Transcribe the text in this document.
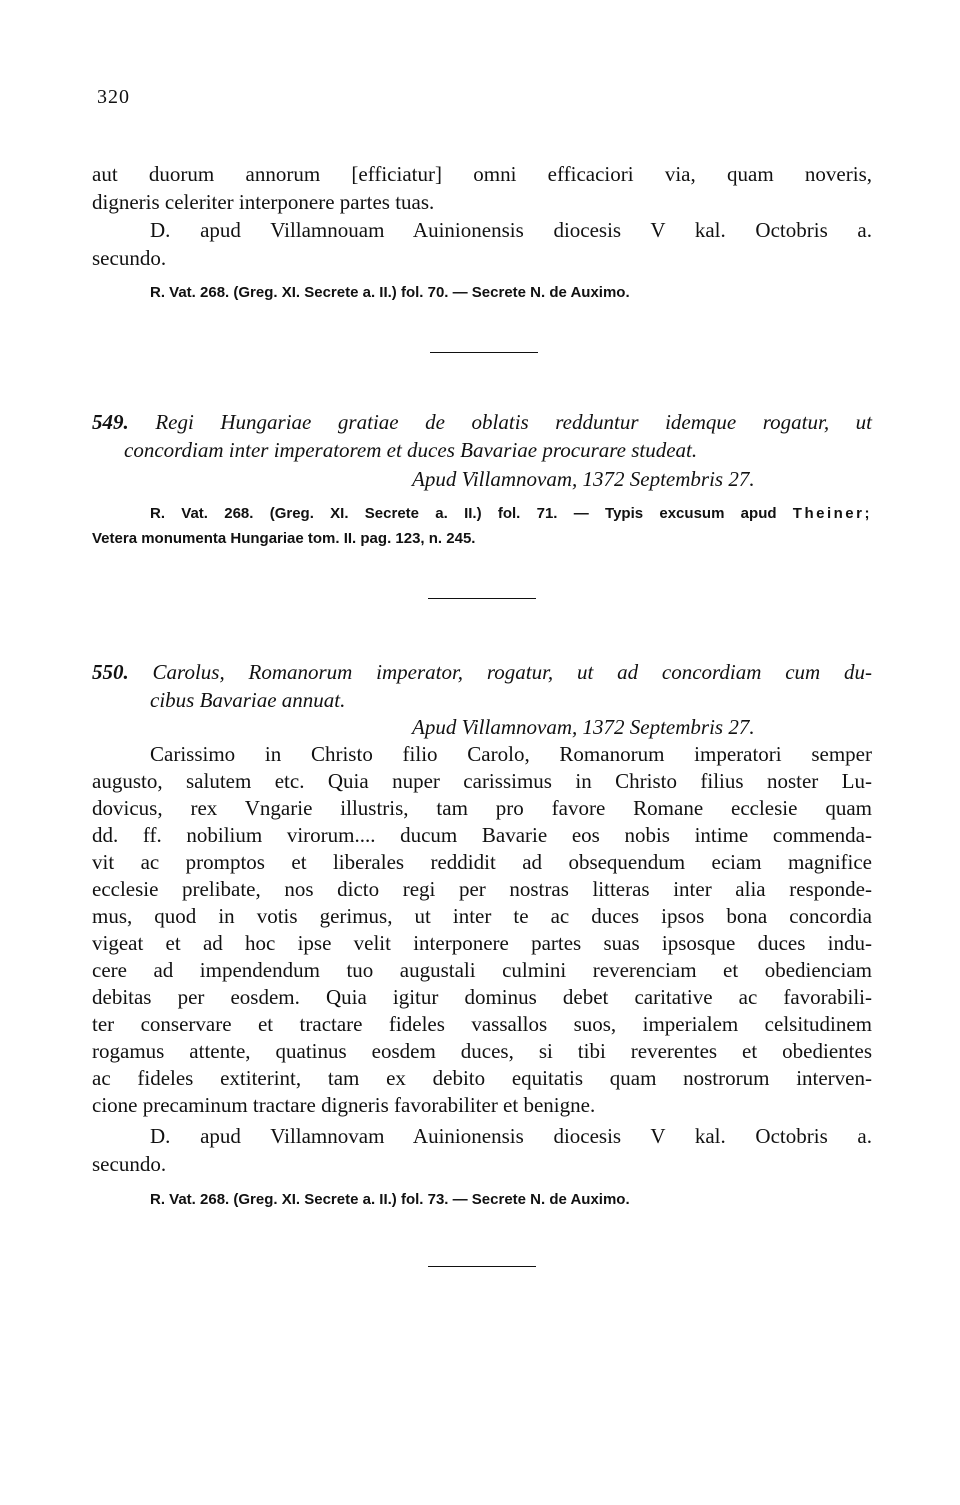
320
aut duorum annorum [efficiatur] omni efficaciori via, quam noveris,
digneris celeriter interponere partes tuas.
D. apud Villamnouam Auinionensis diocesis V kal. Octobris a.
secundo.
R. Vat. 268. (Greg. XI. Secrete a. II.) fol. 70. — Secrete N. de Auximo.
549. Regi Hungariae gratiae de oblatis redduntur idemque rogatur, ut
concordiam inter imperatorem et duces Bavariae procurare studeat.
Apud Villamnovam, 1372 Septembris 27.
R. Vat. 268. (Greg. XI. Secrete a. II.) fol. 71. — Typis excusum apud Theiner;
Vetera monumenta Hungariae tom. II. pag. 123, n. 245.
550. Carolus, Romanorum imperator, rogatur, ut ad concordiam cum du-
cibus Bavariae annuat.
Apud Villamnovam, 1372 Septembris 27.
Carissimo in Christo filio Carolo, Romanorum imperatori semper
augusto, salutem etc. Quia nuper carissimus in Christo filius noster Lu-
dovicus, rex Vngarie illustris, tam pro favore Romane ecclesie quam
dd. ff. nobilium virorum.... ducum Bavarie eos nobis intime commenda-
vit ac promptos et liberales reddidit ad obsequendum eciam magnifice
ecclesie prelibate, nos dicto regi per nostras litteras inter alia responde-
mus, quod in votis gerimus, ut inter te ac duces ipsos bona concordia
vigeat et ad hoc ipse velit interponere partes suas ipsosque duces indu-
cere ad impendendum tuo augustali culmini reverenciam et obedienciam
debitas per eosdem. Quia igitur dominus debet caritative ac favorabili-
ter conservare et tractare fideles vassallos suos, imperialem celsitudinem
rogamus attente, quatinus eosdem duces, si tibi reverentes et obedientes
ac fideles extiterint, tam ex debito equitatis quam nostrorum interven-
cione precaminum tractare digneris favorabiliter et benigne.
D. apud Villamnovam Auinionensis diocesis V kal. Octobris a.
secundo.
R. Vat. 268. (Greg. XI. Secrete a. II.) fol. 73. — Secrete N. de Auximo.
